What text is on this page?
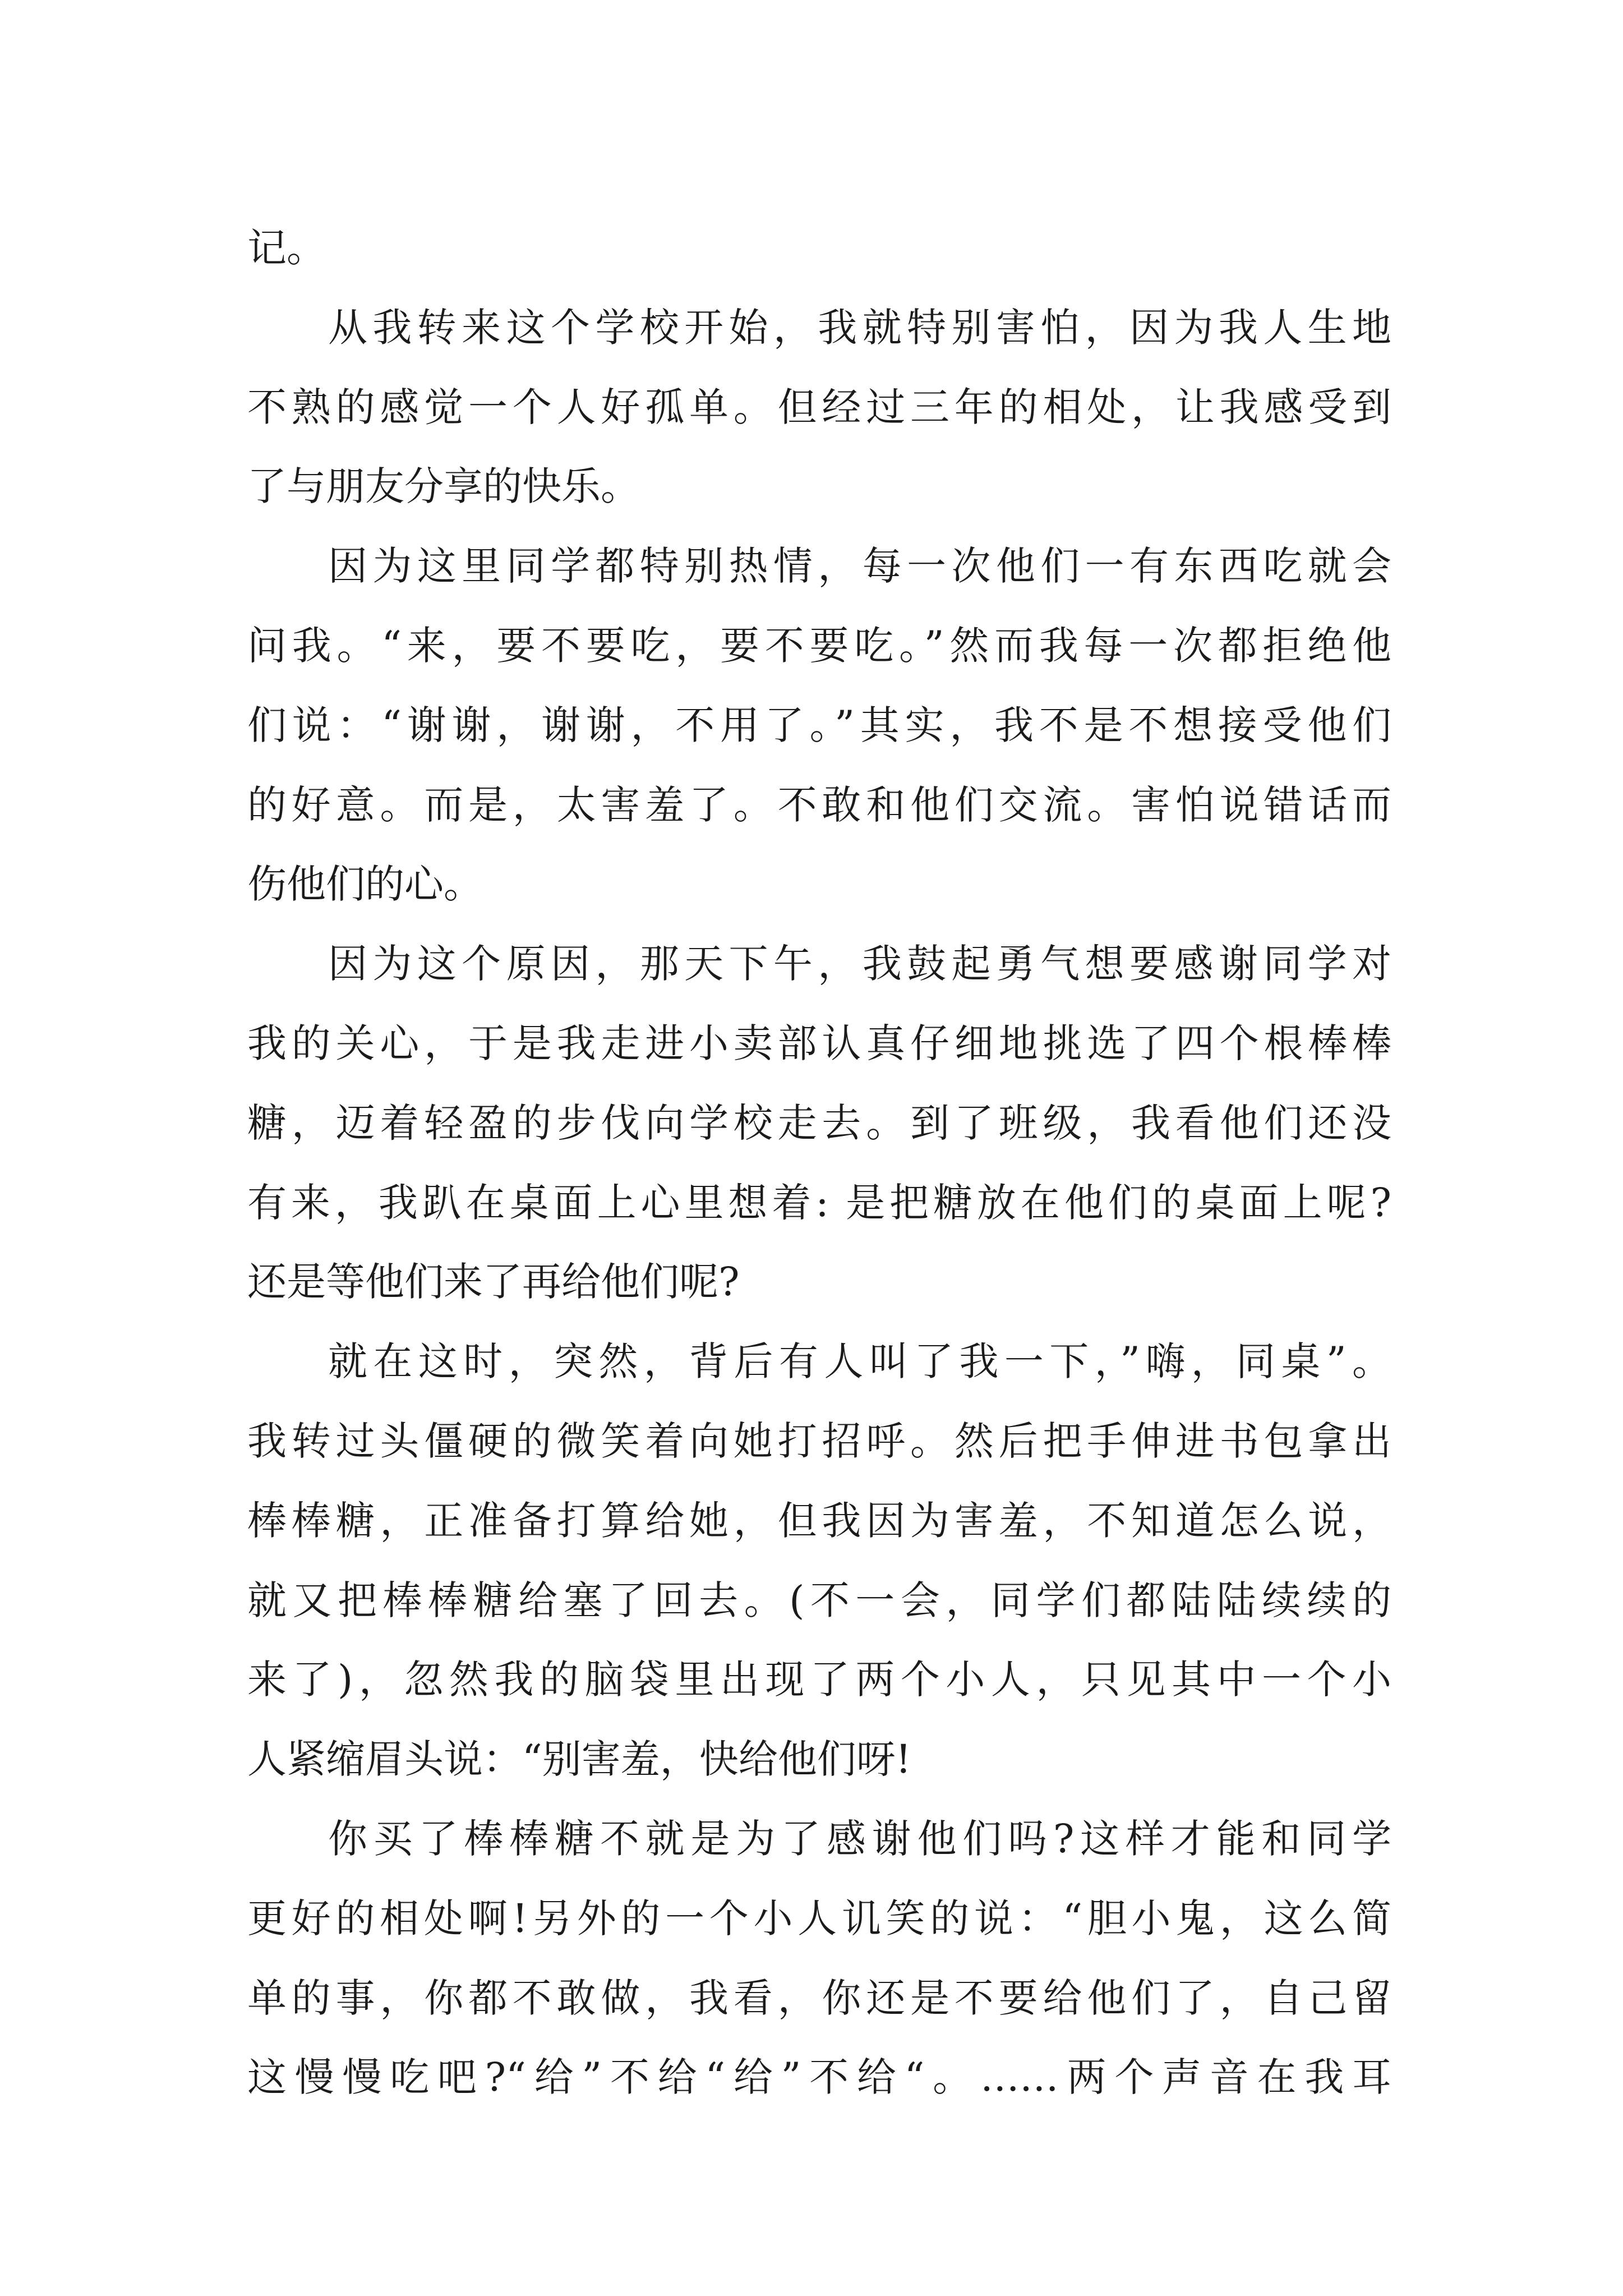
记。
从我转来这个学校开始，我就特别害怕，因为我人生地
不熟的感觉一个人好孤单。但经过三年的相处，让我感受到
了与朋友分享的快乐。
因为这里同学都特别热情，每一次他们一有东西吃就会
问我。“来，要不要吃，要不要吃。”然而我每一次都拒绝他
们说：“谢谢，谢谢，不用了。”其实，我不是不想接受他们
的好意。而是，太害羞了。不敢和他们交流。害怕说错话而
伤他们的心。
因为这个原因，那天下午，我鼓起勇气想要感谢同学对
我的关心，于是我走进小卖部认真仔细地挑选了四个根棒棒
糖，迈着轻盈的步伐向学校走去。到了班级，我看他们还没
有来，我趴在桌面上心里想着: 是把糖放在他们的桌面上呢?
还是等他们来了再给他们呢?
就在这时，突然，背后有人叫了我一下，”嗨，同桌”。
我转过头僵硬的微笑着向她打招呼。然后把手伸进书包拿出
棒棒糖，正准备打算给她，但我因为害羞，不知道怎么说，
就又把棒棒糖给塞了回去。(不一会，同学们都陆陆续续的
来了)，忽然我的脑袋里出现了两个小人，只见其中一个小
人紧缩眉头说：“别害羞，快给他们呀!
你买了棒棒糖不就是为了感谢他们吗?这样才能和同学
更好的相处啊!另外的一个小人讥笑的说：“胆小鬼，这么简
单的事，你都不敢做，我看，你还是不要给他们了，自己留
这慢慢吃吧?“给”不给“给”不给“。……两个声音在我耳
